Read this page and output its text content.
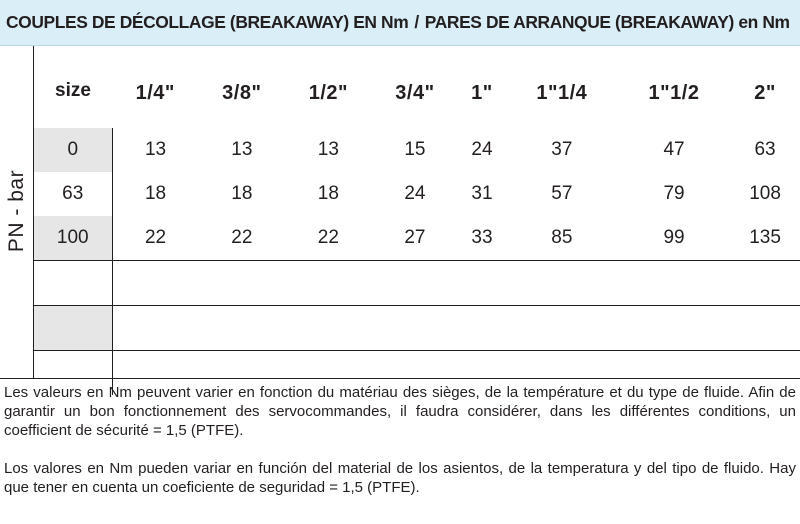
COUPLES DE DÉCOLLAGE (BREAKAWAY) EN Nm / PARES DE ARRANQUE (BREAKAWAY) en Nm
PN - bar
size	1/4"	3/8"	1/2"	3/4"	1"	1"1/4	1"1/2	2"
0	13	13	13	15	24	37	47	63
63	18	18	18	24	31	57	79	108
100	22	22	22	27	33	85	99	135

Les valeurs en Nm peuvent varier en fonction du matériau des sièges, de la température et du type de fluide. Afin de garantir un bon fonctionnement des servocommandes, il faudra considérer, dans les différentes conditions, un coefficient de sécurité = 1,5 (PTFE).

Los valores en Nm pueden variar en función del material de los asientos, de la temperatura y del tipo de fluido. Hay que tener en cuenta un coeficiente de seguridad = 1,5 (PTFE).
